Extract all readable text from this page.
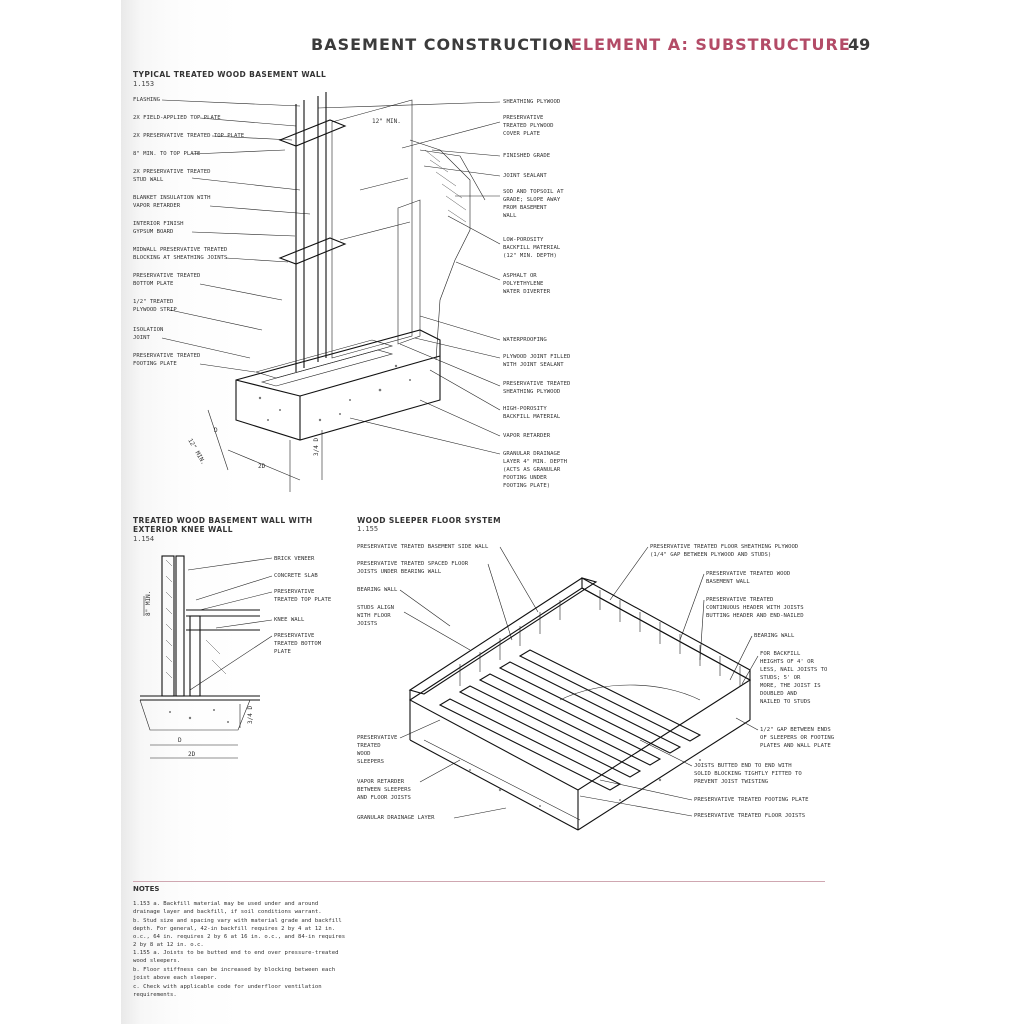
BASEMENT CONSTRUCTION
ELEMENT A: SUBSTRUCTURE
49
TYPICAL TREATED WOOD BASEMENT WALL
1.153
FLASHING
2X FIELD-APPLIED TOP PLATE
2X PRESERVATIVE TREATED TOP PLATE
8" MIN. TO TOP PLATE
2X PRESERVATIVE TREATED
STUD WALL
BLANKET INSULATION WITH
VAPOR RETARDER
INTERIOR FINISH
GYPSUM BOARD
MIDWALL PRESERVATIVE TREATED
BLOCKING AT SHEATHING JOINTS
PRESERVATIVE TREATED
BOTTOM PLATE
1/2" TREATED
PLYWOOD STRIP
ISOLATION
JOINT
PRESERVATIVE TREATED
FOOTING PLATE
SHEATHING PLYWOOD
PRESERVATIVE
TREATED PLYWOOD
COVER PLATE
FINISHED GRADE
JOINT SEALANT
SOD AND TOPSOIL AT
GRADE; SLOPE AWAY
FROM BASEMENT
WALL
LOW-POROSITY
BACKFILL MATERIAL
(12" MIN. DEPTH)
ASPHALT OR
POLYETHYLENE
WATER DIVERTER
WATERPROOFING
PLYWOOD JOINT FILLED
WITH JOINT SEALANT
PRESERVATIVE TREATED
SHEATHING PLYWOOD
HIGH-POROSITY
BACKFILL MATERIAL
VAPOR RETARDER
GRANULAR DRAINAGE
LAYER 4" MIN. DEPTH
(ACTS AS GRANULAR
FOOTING UNDER
FOOTING PLATE)
12" MIN.
12" MIN.
D
3/4 D
2D
TREATED WOOD BASEMENT WALL WITH EXTERIOR KNEE WALL
1.154
BRICK VENEER
CONCRETE SLAB
PRESERVATIVE
TREATED TOP PLATE
KNEE WALL
PRESERVATIVE
TREATED BOTTOM
PLATE
8" MIN.
3/4 D
D
2D
WOOD SLEEPER FLOOR SYSTEM
1.155
PRESERVATIVE TREATED BASEMENT SIDE WALL
PRESERVATIVE TREATED SPACED FLOOR
JOISTS UNDER BEARING WALL
BEARING WALL
STUDS ALIGN
WITH FLOOR
JOISTS
PRESERVATIVE
TREATED
WOOD
SLEEPERS
VAPOR RETARDER
BETWEEN SLEEPERS
AND FLOOR JOISTS
GRANULAR DRAINAGE LAYER
PRESERVATIVE TREATED FLOOR SHEATHING PLYWOOD
(1/4" GAP BETWEEN PLYWOOD AND STUDS)
PRESERVATIVE TREATED WOOD
BASEMENT WALL
PRESERVATIVE TREATED
CONTINUOUS HEADER WITH JOISTS
BUTTING HEADER AND END-NAILED
BEARING WALL
FOR BACKFILL
HEIGHTS OF 4' OR
LESS, NAIL JOISTS TO
STUDS; 5' OR
MORE, THE JOIST IS
DOUBLED AND
NAILED TO STUDS
1/2" GAP BETWEEN ENDS
OF SLEEPERS OR FOOTING
PLATES AND WALL PLATE
JOISTS BUTTED END TO END WITH
SOLID BLOCKING TIGHTLY FITTED TO
PREVENT JOIST TWISTING
PRESERVATIVE TREATED FOOTING PLATE
PRESERVATIVE TREATED FLOOR JOISTS
NOTES
1.153 a. Backfill material may be used under and around drainage layer and backfill, if soil conditions warrant.
b. Stud size and spacing vary with material grade and backfill depth. For general, 42-in backfill requires 2 by 4 at 12 in. o.c., 64 in. requires 2 by 6 at 16 in. o.c., and 84-in requires 2 by 8 at 12 in. o.c.
1.155 a. Joists to be butted end to end over pressure-treated wood sleepers.
b. Floor stiffness can be increased by blocking between each joist above each sleeper.
c. Check with applicable code for underfloor ventilation requirements.
